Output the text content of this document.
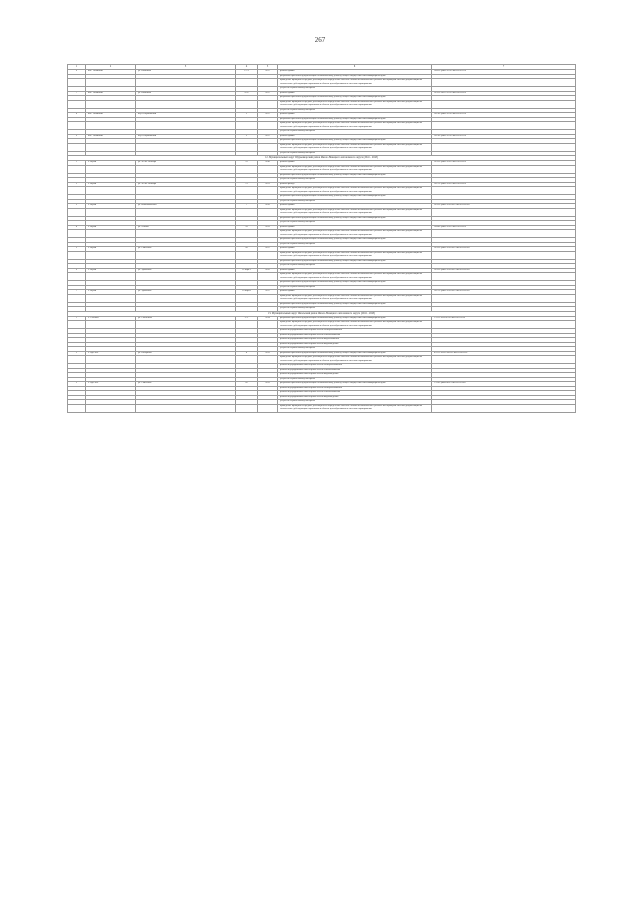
267
1	2	3	4	5	6	7
6	пос. Тазовский	ул. Калинина	15 А	2017	ремонт крыши	П-4-5-Сумм-С-ПП-СЖБ-0-0-0-0-0-0
					разработка проектной документации на капитальному ремонту общего имущества в многоквартирном доме	
					проведение проверки на предмет достоверности определения сметной стоимости капитального ремонта или проверки сметной документации на соответствие действующим нормативам в области ценообразования в сметном нормировании	
					услуги по строительному контролю	
7	пос. Тазовский	ул. Калинина	16 Б	2017	ремонт крыши	П-3-2-Сгч-с-С-ПП-СЖБ-0-0-0-0-0-0
					разработка проектной документации на капитальному ремонту общего имущества в многоквартирном доме	
					проведение проверки на предмет достоверности определения сметной стоимости капитального ремонта или проверки сметной документации на соответствие действующим нормативам в области ценообразования в сметном нормировании	
					услуги по строительному контролю	
8	пос. Тазовский	пер. Пограничный	2	2017	ремонт крыши	П-1-6-Сумм-С-ПП-СЖБ-0-0-0-0-0-0
					разработка проектной документации на капитальному ремонту общего имущества в многоквартирном доме	
					проведение проверки на предмет достоверности определения сметной стоимости капитального ремонта или проверки сметной документации на соответствие действующим нормативам в области ценообразования в сметном нормировании	
					услуги по строительному контролю	
9	пос. Тазовский	пер. Пограничный	3	2017	ремонт крыши	П-1-6-Сумм-С-ПП-СЖБ-0-0-0-0-0-0
					разработка проектной документации на капитальному ремонту общего имущества в многоквартирном доме	
					проведение проверки на предмет достоверности определения сметной стоимости капитального ремонта или проверки сметной документации на соответствие действующим нормативам в области ценообразования в сметном нормировании	
					услуги по строительному контролю	
12. Муниципальный округ Шурышкарский район Ямало-Ненецкого автономного округа (2041 - 2043)						
1	с. Мужи	ул. 50 лет Октября	19	2010	ремонт крыши	П-5-5-Сумм-С-ПВ-СЖБ-0-0-0-0-0-0
					проведение проверки на предмет достоверности определения сметной стоимости капитального ремонта или проверки сметной документации на соответствие действующим нормативам в области ценообразования в сметном нормировании	
					разработка проектной документации на капитальному ремонту общего имущества в многоквартирном доме	
					услуги по строительному контролю	
2	с. Мужи	ул. 50 лет Октября	21	2011	ремонт фасада	П-1-1-Сумм-С-ПВ-СЖБ-0-0-0-0-0-0
					проведение проверки на предмет достоверности определения сметной стоимости капитального ремонта или проверки сметной документации на соответствие действующим нормативам в области ценообразования в сметном нормировании	
					разработка проектной документации на капитальному ремонту общего имущества в многоквартирном доме	
					услуги по строительному контролю	
3	с. Мужи	ул. Комсомольская	7	2019	ремонт крыши	П-5-5-Сумм-С-ПВ-ПП-СЖБ-0-0-0-0-0-0
					проведение проверки на предмет достоверности определения сметной стоимости капитального ремонта или проверки сметной документации на соответствие действующим нормативам в области ценообразования в сметном нормировании	
					разработка проектной документации на капитальному ремонту общего имущества в многоквартирном доме	
					услуги по строительному контролю	
4	с. Мужи	ул. Ленина	18	2013	ремонт крыши	П-4-4-Сумм-С-ПВ-СЖБ-0-0-0-0-0-0
					проведение проверки на предмет достоверности определения сметной стоимости капитального ремонта или проверки сметной документации на соответствие действующим нормативам в области ценообразования в сметном нормировании	
					разработка проектной документации на капитальному ремонту общего имущества в многоквартирном доме	
					услуги по строительному контролю	
5	с. Мужи	ул. Советская	43	2017	ремонт крыши	П-5-5-Сумм-С-ПВ-ПП-СЖБ-0-0-0-0-0-0
					проведение проверки на предмет достоверности определения сметной стоимости капитального ремонта или проверки сметной документации на соответствие действующим нормативам в области ценообразования в сметном нормировании	
					разработка проектной документации на капитальному ремонту общего имущества в многоквартирном доме	
					услуги по строительному контролю	
6	с. Мужи	ул. Уральская	11 корп.1	2015	ремонт крыши	П-5-5-Сумм-С-ПВ-ПП-СЖБ-0-0-0-0-0-0
					проведение проверки на предмет достоверности определения сметной стоимости капитального ремонта или проверки сметной документации на соответствие действующим нормативам в области ценообразования в сметном нормировании	
					разработка проектной документации на капитальному ремонту общего имущества в многоквартирном доме	
					услуги по строительному контролю	
7	с. Мужи	ул. Уральская	13 корп.2	2017	ремонт крыши	П-1-1-Сумм-С-ПВ-ПП-СЖБ-0-0-0-0-0-0
					проведение проверки на предмет достоверности определения сметной стоимости капитального ремонта или проверки сметной документации на соответствие действующим нормативам в области ценообразования в сметном нормировании	
					разработка проектной документации на капитальному ремонту общего имущества в многоквартирном доме	
					услуги по строительному контролю	
13. Муниципальный округ Ямальский район Ямало-Ненецкого автономного округа (2041 - 2043)						
1	с. Салемал	ул. Солнечная	3 А	2014	разработка проектной документации на капитальному ремонту общего имущества в многоквартирном доме	С-3-3-Сбет-ПБ-Н-СЖБ-0-0-0-0-0-0
					проведение проверки на предмет достоверности определения сметной стоимости капитального ремонта или проверки сметной документации на соответствие действующим нормативам в области ценообразования в сметном нормировании	
					ремонт внутридомовых инженерных систем электроснабжения	
					ремонт внутридомовых инженерных систем теплоснабжения	
					ремонт внутридомовых инженерных систем водоснабжения	
					ремонт внутридомовых инженерных систем водоотведения	
					услуги по строительному контролю	
2	с. Яр-Сале	ул. Полярный	4	2013	разработка проектной документации на капитальному ремонту общего имущества в многоквартирном доме	К-3-3-Сбет-П-ПБ-Н-СЖБ-0-0-0-0-0-0
					проведение проверки на предмет достоверности определения сметной стоимости капитального ремонта или проверки сметной документации на соответствие действующим нормативам в области ценообразования в сметном нормировании	
					ремонт внутридомовых инженерных систем электроснабжения	
					ремонт внутридомовых инженерных систем теплоснабжения	
					ремонт внутридомовых инженерных систем водоотведения	
					услуги по строительному контролю	
3	с. Яр-Сале	ул. Советская	82	2013	разработка проектной документации на капитальному ремонту общего имущества в многоквартирном доме	С-3-4-Сумм-ПБ-Н-СЖБ-0-0-0-0-0-0
					ремонт внутридомовых инженерных систем электроснабжения	
					ремонт внутридомовых инженерных систем теплоснабжения	
					ремонт внутридомовых инженерных систем водоотведения	
					услуги по строительному контролю	
					проведение проверки на предмет достоверности определения сметной стоимости капитального ремонта или проверки сметной документации на соответствие действующим нормативам в области ценообразования в сметном нормировании	
